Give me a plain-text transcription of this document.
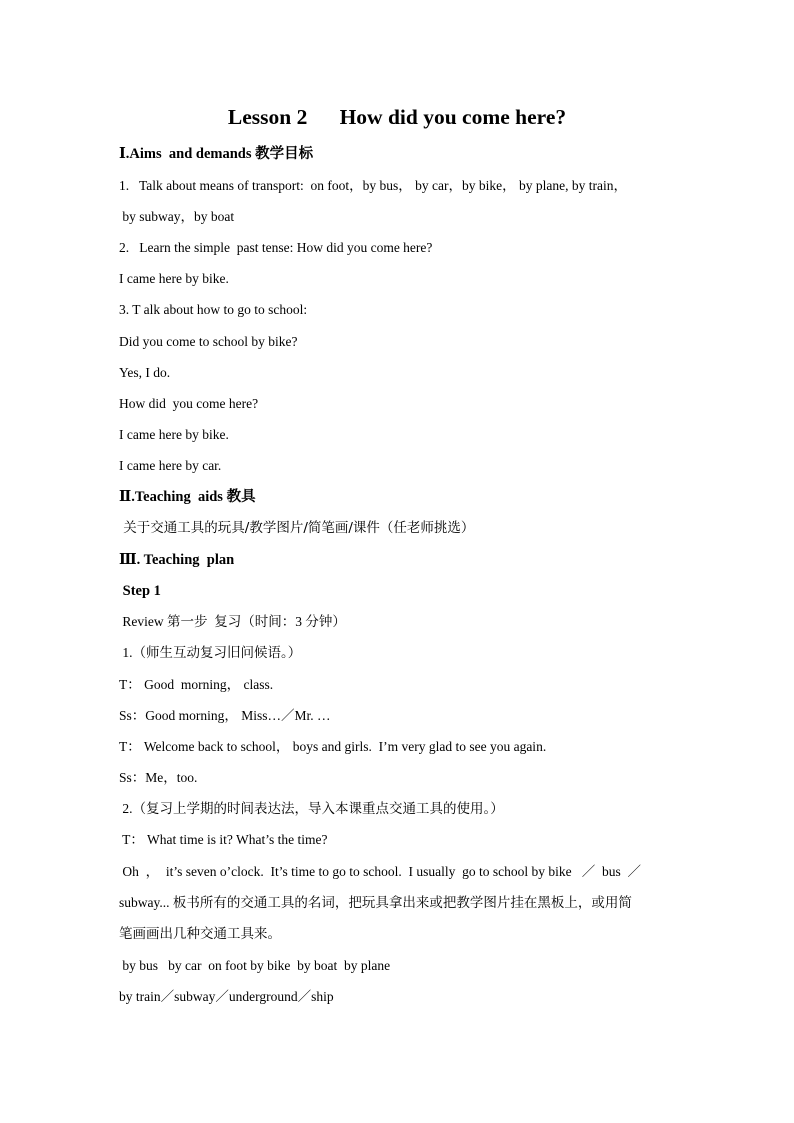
Lesson 2      How did you come here?
Ⅰ.Aims  and demands 教学目标
1.   Talk about means of transport:  on foot，by bus， by car，by bike， by plane, by train，
by subway，by boat
2.   Learn the simple  past tense: How did you come here?
I came here by bike.
3. T alk about how to go to school:
Did you come to school by bike?
Yes, I do.
How did  you come here?
I came here by bike.
I came here by car.
Ⅱ.Teaching  aids 教具
关于交通工具的玩具/教学图片/简笔画/课件（任老师挑选）
Ⅲ. Teaching  plan
Step 1
Review 第一步  复习（时间：3 分钟）
1.（师生互动复习旧问候语。）
T： Good  morning， class.
Ss：Good morning， Miss…／Mr. …
T： Welcome back to school， boys and girls.  I’m very glad to see you again.
Ss：Me，too.
2.（复习上学期的时间表达法，导入本课重点交通工具的使用。）
T： What time is it? What’s the time?
Oh  ，  it’s seven o’clock.  It’s time to go to school.  I usually  go to school by bike   ／  bus  ／
subway... 板书所有的交通工具的名词，把玩具拿出来或把教学图片挂在黑板上，或用简
笔画画出几种交通工具来。
by bus   by car  on foot by bike  by boat  by plane
by train／subway／underground／ship
